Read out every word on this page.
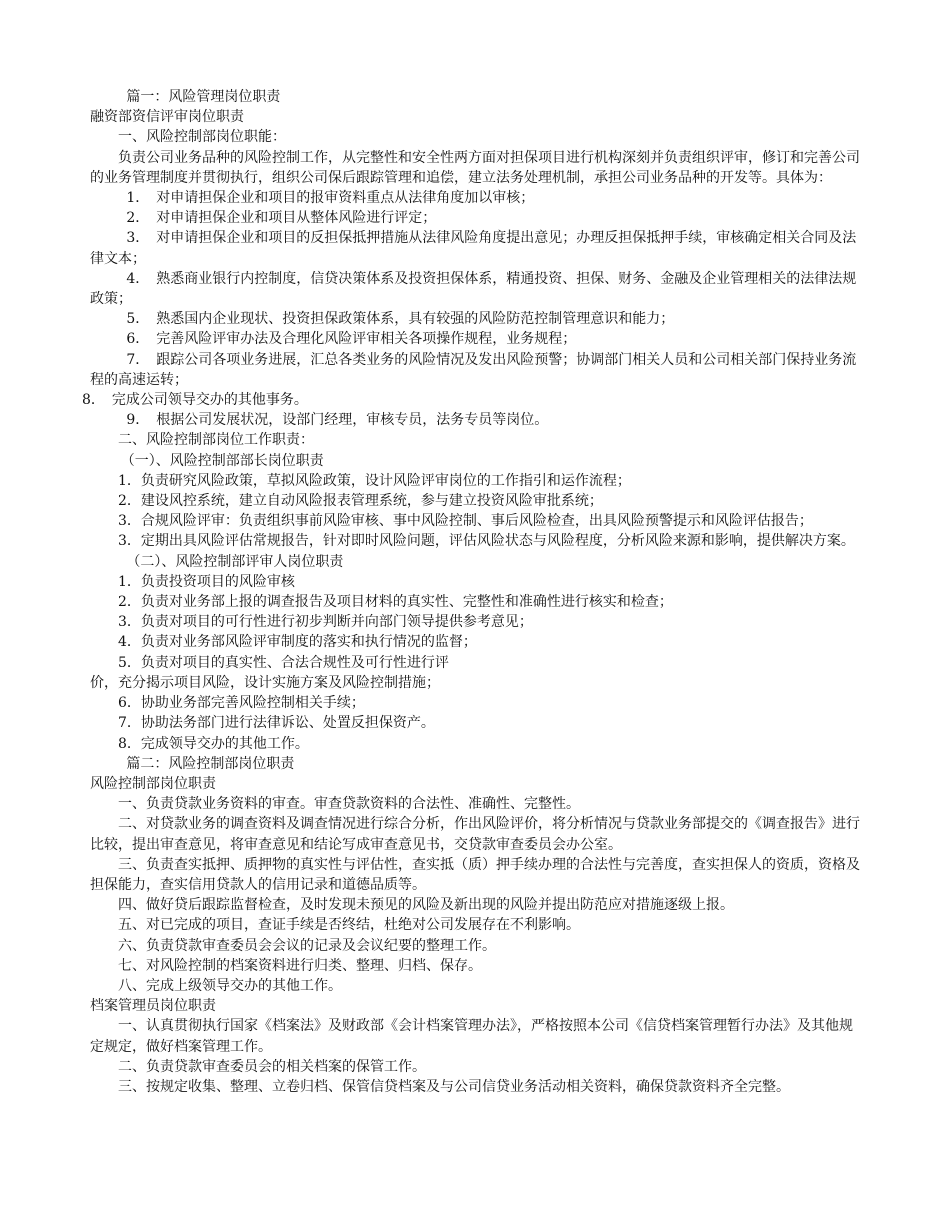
篇一：风险管理岗位职责

融资部资信评审岗位职责

一、风险控制部岗位职能：

负责公司业务品种的风险控制工作，从完整性和安全性两方面对担保项目进行机构深刻并负责组织评审，修订和完善公司的业务管理制度并贯彻执行，组织公司保后跟踪管理和追偿，建立法务处理机制，承担公司业务品种的开发等。具体为：

1．　对申请担保企业和项目的报审资料重点从法律角度加以审核；

2．　对申请担保企业和项目从整体风险进行评定；

3．　对申请担保企业和项目的反担保抵押措施从法律风险角度提出意见；办理反担保抵押手续，审核确定相关合同及法律文本；

4．　熟悉商业银行内控制度，信贷决策体系及投资担保体系，精通投资、担保、财务、金融及企业管理相关的法律法规政策；

5．　熟悉国内企业现状、投资担保政策体系，具有较强的风险防范控制管理意识和能力；

6．　完善风险评审办法及合理化风险评审相关各项操作规程，业务规程；

7．　跟踪公司各项业务进展，汇总各类业务的风险情况及发出风险预警；协调部门相关人员和公司相关部门保持业务流程的高速运转；

8．　完成公司领导交办的其他事务。

9．　根据公司发展状况，设部门经理，审核专员，法务专员等岗位。

二、风险控制部岗位工作职责：

（一）、风险控制部部长岗位职责

1．负责研究风险政策，草拟风险政策，设计风险评审岗位的工作指引和运作流程；

2．建设风控系统，建立自动风险报表管理系统，参与建立投资风险审批系统；

3．合规风险评审：负责组织事前风险审核、事中风险控制、事后风险检查，出具风险预警提示和风险评估报告；

3．定期出具风险评估常规报告，针对即时风险问题，评估风险状态与风险程度，分析风险来源和影响，提供解决方案。

（二）、风险控制部评审人岗位职责

1．负责投资项目的风险审核

2．负责对业务部上报的调查报告及项目材料的真实性、完整性和准确性进行核实和检查；

3．负责对项目的可行性进行初步判断并向部门领导提供参考意见；

4．负责对业务部风险评审制度的落实和执行情况的监督；

5．负责对项目的真实性、合法合规性及可行性进行评

价，充分揭示项目风险，设计实施方案及风险控制措施；

6．协助业务部完善风险控制相关手续；

7．协助法务部门进行法律诉讼、处置反担保资产。

8．完成领导交办的其他工作。

篇二：风险控制部岗位职责

风险控制部岗位职责

一、负责贷款业务资料的审查。审查贷款资料的合法性、准确性、完整性。

二、对贷款业务的调查资料及调查情况进行综合分析，作出风险评价，将分析情况与贷款业务部提交的《调查报告》进行比较，提出审查意见，将审查意见和结论写成审查意见书，交贷款审查委员会办公室。

三、负责查实抵押、质押物的真实性与评估性，查实抵（质）押手续办理的合法性与完善度，查实担保人的资质，资格及担保能力，查实信用贷款人的信用记录和道德品质等。

四、做好贷后跟踪监督检查，及时发现未预见的风险及新出现的风险并提出防范应对措施逐级上报。

五、对已完成的项目，查证手续是否终结，杜绝对公司发展存在不利影响。

六、负责贷款审查委员会会议的记录及会议纪要的整理工作。

七、对风险控制的档案资料进行归类、整理、归档、保存。

八、完成上级领导交办的其他工作。

档案管理员岗位职责

一、认真贯彻执行国家《档案法》及财政部《会计档案管理办法》，严格按照本公司《信贷档案管理暂行办法》及其他规定规定，做好档案管理工作。

二、负责贷款审查委员会的相关档案的保管工作。

三、按规定收集、整理、立卷归档、保管信贷档案及与公司信贷业务活动相关资料，确保贷款资料齐全完整。
